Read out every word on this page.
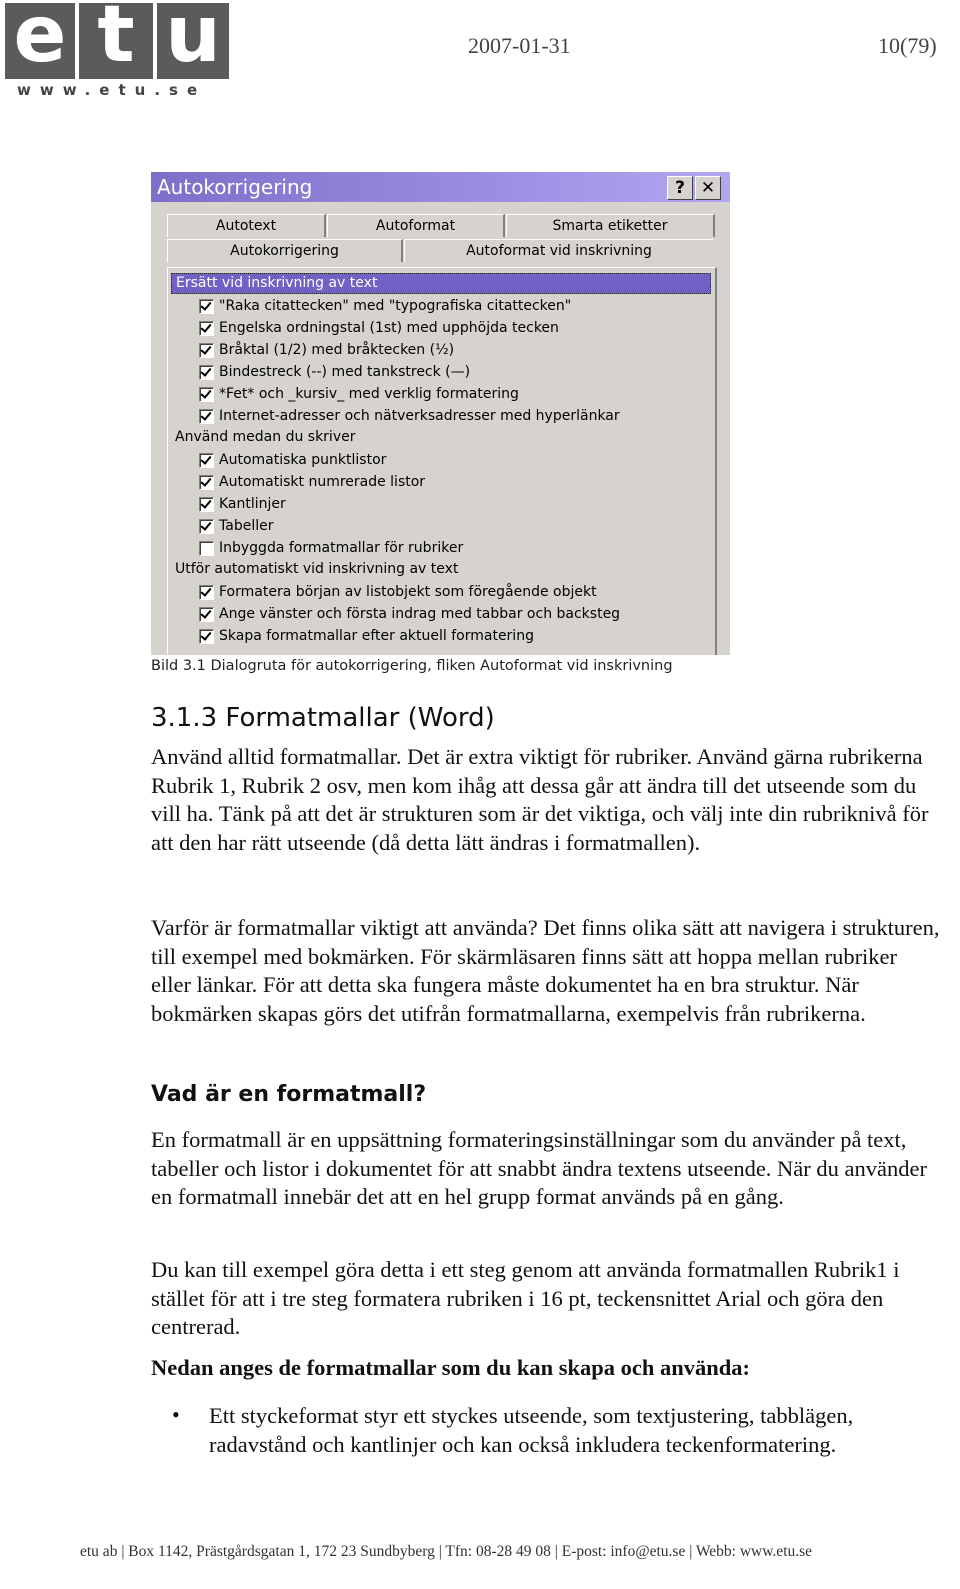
e t u
www.etu.se
2007-01-31	10(79)
Autokorrigering	? ✕
Autotext	Autoformat	Smarta etiketter
Autokorrigering	Autoformat vid inskrivning
Ersätt vid inskrivning av text
"Raka citattecken" med "typografiska citattecken"
Engelska ordningstal (1st) med upphöjda tecken
Bråktal (1/2) med bråktecken (½)
Bindestreck (--) med tankstreck (—)
*Fet* och _kursiv_ med verklig formatering
Internet-adresser och nätverksadresser med hyperlänkar
Använd medan du skriver
Automatiska punktlistor
Automatiskt numrerade listor
Kantlinjer
Tabeller
Inbyggda formatmallar för rubriker
Utför automatiskt vid inskrivning av text
Formatera början av listobjekt som föregående objekt
Ange vänster och första indrag med tabbar och backsteg
Skapa formatmallar efter aktuell formatering
Bild 3.1 Dialogruta för autokorrigering, fliken Autoformat vid inskrivning
3.1.3 Formatmallar (Word)

Använd alltid formatmallar. Det är extra viktigt för rubriker. Använd gärna rubrikerna Rubrik 1, Rubrik 2 osv, men kom ihåg att dessa går att ändra till det utseende som du vill ha. Tänk på att det är strukturen som är det viktiga, och välj inte din rubriknivå för att den har rätt utseende (då detta lätt ändras i formatmallen).

Varför är formatmallar viktigt att använda? Det finns olika sätt att navigera i strukturen, till exempel med bokmärken. För skärmläsaren finns sätt att hoppa mellan rubriker eller länkar. För att detta ska fungera måste dokumentet ha en bra struktur. När bokmärken skapas görs det utifrån formatmallarna, exempelvis från rubrikerna.

Vad är en formatmall?

En formatmall är en uppsättning formateringsinställningar som du använder på text, tabeller och listor i dokumentet för att snabbt ändra textens utseende. När du använder en formatmall innebär det att en hel grupp format används på en gång.

Du kan till exempel göra detta i ett steg genom att använda formatmallen Rubrik1 i stället för att i tre steg formatera rubriken i 16 pt, teckensnittet Arial och göra den centrerad.

Nedan anges de formatmallar som du kan skapa och använda:

• Ett styckeformat styr ett styckes utseende, som textjustering, tabblägen, radavstånd och kantlinjer och kan också inkludera teckenformatering.

etu ab | Box 1142, Prästgårdsgatan 1, 172 23 Sundbyberg | Tfn: 08-28 49 08 | E-post: info@etu.se | Webb: www.etu.se
